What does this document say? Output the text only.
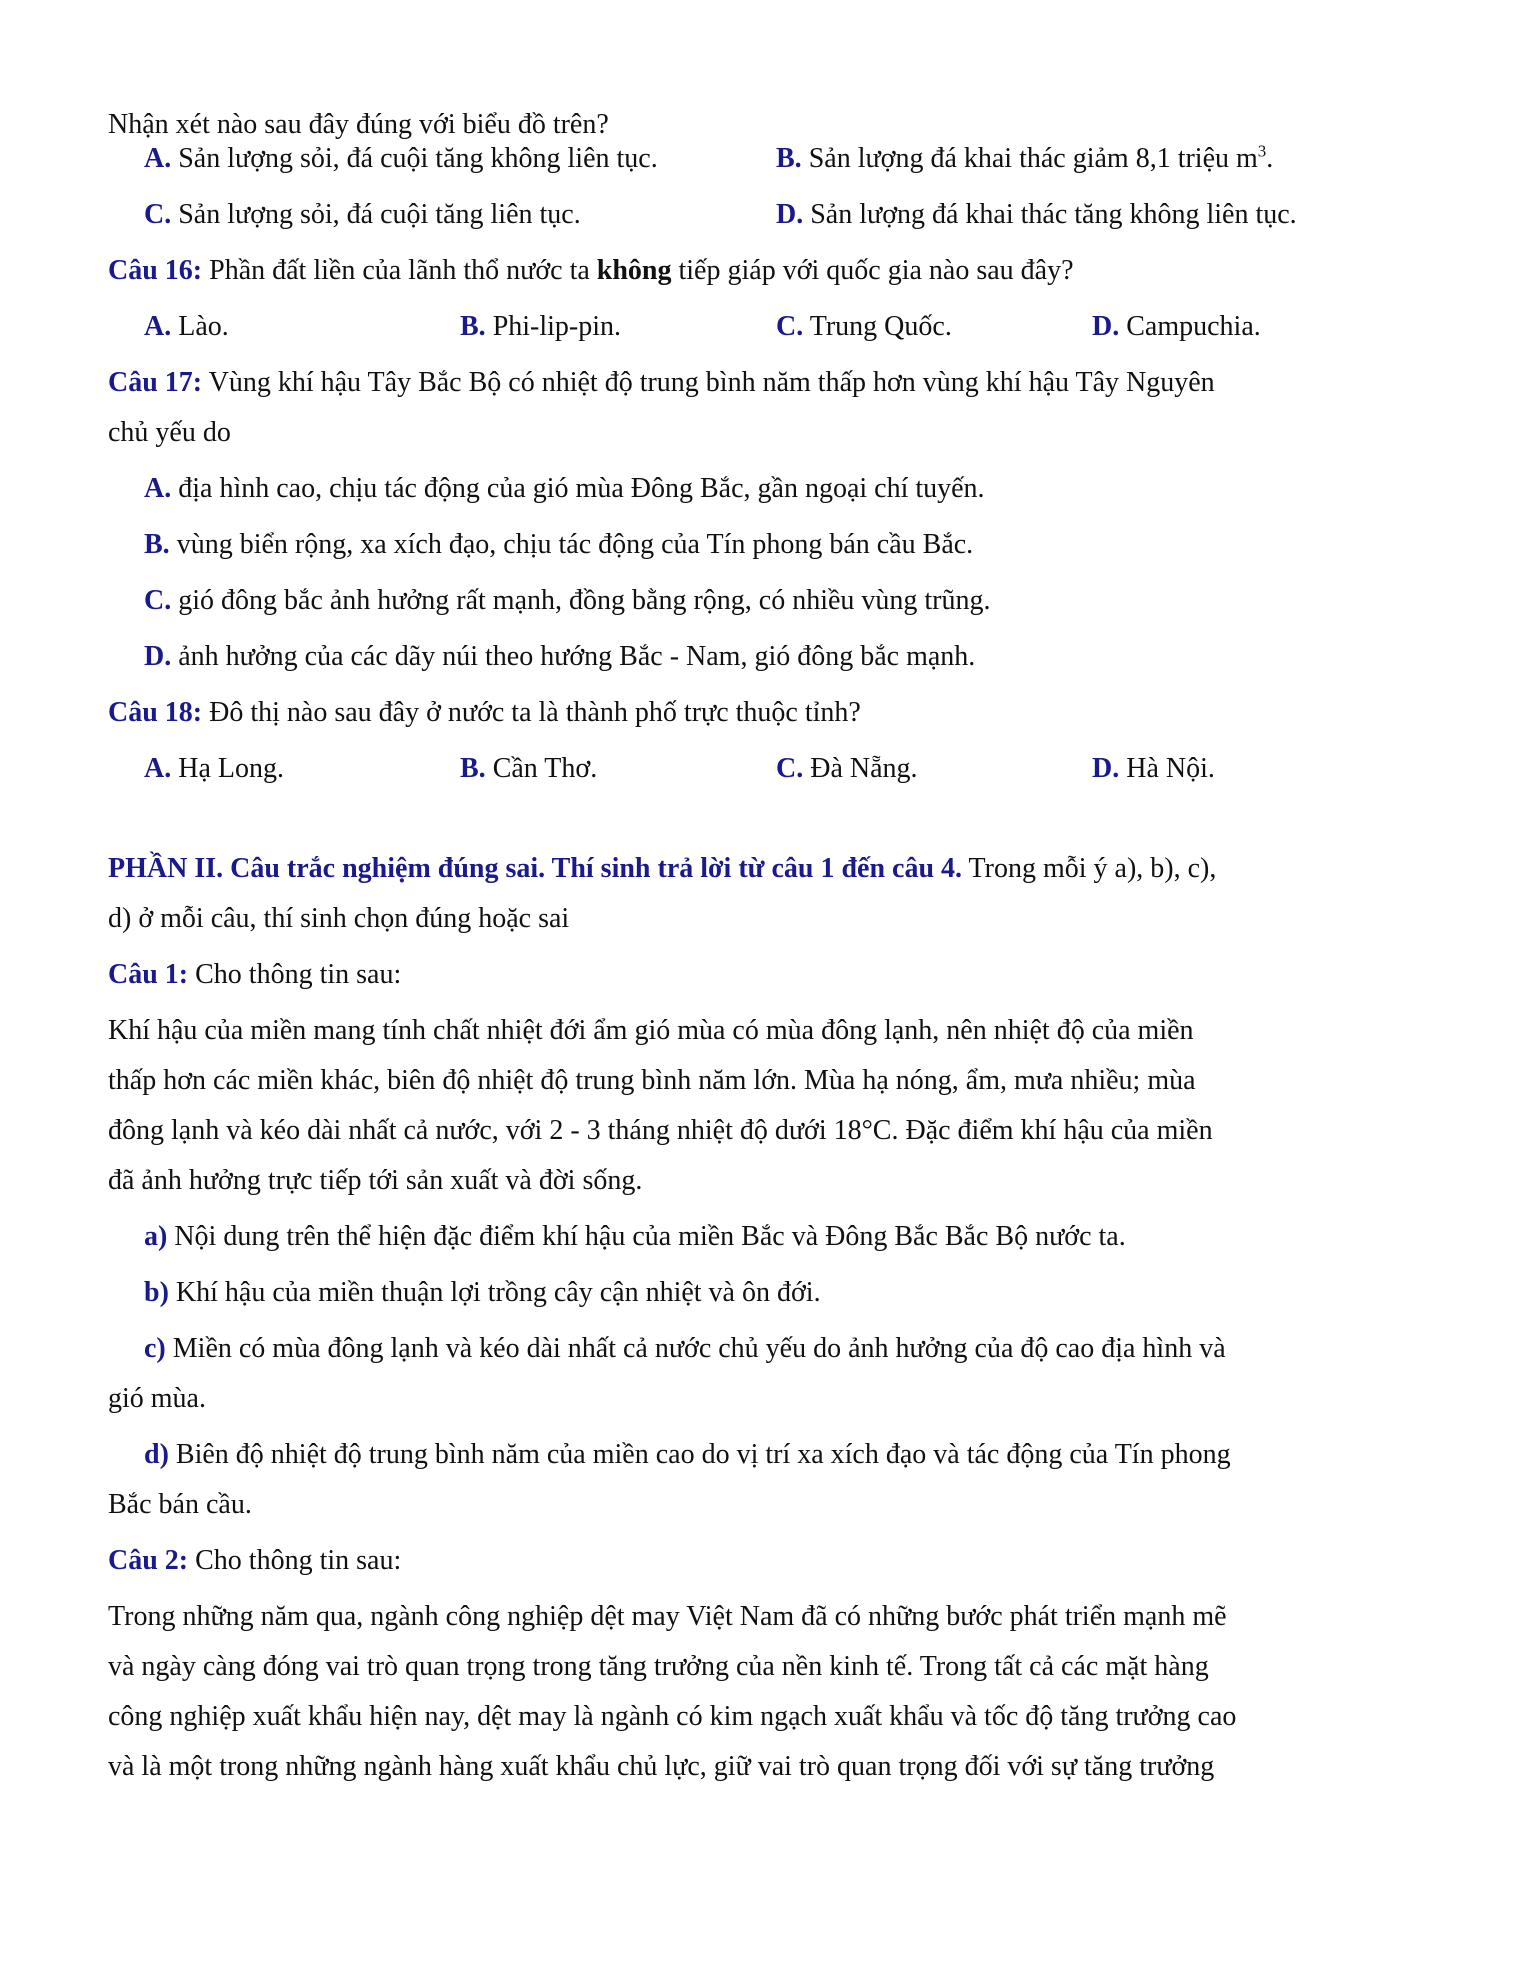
Nhận xét nào sau đây đúng với biểu đồ trên?
A. Sản lượng sỏi, đá cuội tăng không liên tục.	B. Sản lượng đá khai thác giảm 8,1 triệu $m^3$.
C. Sản lượng sỏi, đá cuội tăng liên tục.	D. Sản lượng đá khai thác tăng không liên tục.
Câu 16: Phần đất liền của lãnh thổ nước ta không tiếp giáp với quốc gia nào sau đây?
A. Lào.	B. Phi-lip-pin.	C. Trung Quốc.	D. Campuchia.
Câu 17: Vùng khí hậu Tây Bắc Bộ có nhiệt độ trung bình năm thấp hơn vùng khí hậu Tây Nguyên
chủ yếu do
A. địa hình cao, chịu tác động của gió mùa Đông Bắc, gần ngoại chí tuyến.
B. vùng biển rộng, xa xích đạo, chịu tác động của Tín phong bán cầu Bắc.
C. gió đông bắc ảnh hưởng rất mạnh, đồng bằng rộng, có nhiều vùng trũng.
D. ảnh hưởng của các dãy núi theo hướng Bắc - Nam, gió đông bắc mạnh.
Câu 18: Đô thị nào sau đây ở nước ta là thành phố trực thuộc tỉnh?
A. Hạ Long.	B. Cần Thơ.	C. Đà Nẵng.	D. Hà Nội.
PHẦN II. Câu trắc nghiệm đúng sai. Thí sinh trả lời từ câu 1 đến câu 4. Trong mỗi ý a), b), c),
d) ở mỗi câu, thí sinh chọn đúng hoặc sai
Câu 1: Cho thông tin sau:
Khí hậu của miền mang tính chất nhiệt đới ẩm gió mùa có mùa đông lạnh, nên nhiệt độ của miền
thấp hơn các miền khác, biên độ nhiệt độ trung bình năm lớn. Mùa hạ nóng, ẩm, mưa nhiều; mùa
đông lạnh và kéo dài nhất cả nước, với 2 - 3 tháng nhiệt độ dưới 18°C. Đặc điểm khí hậu của miền
đã ảnh hưởng trực tiếp tới sản xuất và đời sống.
a) Nội dung trên thể hiện đặc điểm khí hậu của miền Bắc và Đông Bắc Bắc Bộ nước ta.
b) Khí hậu của miền thuận lợi trồng cây cận nhiệt và ôn đới.
c) Miền có mùa đông lạnh và kéo dài nhất cả nước chủ yếu do ảnh hưởng của độ cao địa hình và
gió mùa.
d) Biên độ nhiệt độ trung bình năm của miền cao do vị trí xa xích đạo và tác động của Tín phong
Bắc bán cầu.
Câu 2: Cho thông tin sau:
Trong những năm qua, ngành công nghiệp dệt may Việt Nam đã có những bước phát triển mạnh mẽ
và ngày càng đóng vai trò quan trọng trong tăng trưởng của nền kinh tế. Trong tất cả các mặt hàng
công nghiệp xuất khẩu hiện nay, dệt may là ngành có kim ngạch xuất khẩu và tốc độ tăng trưởng cao
và là một trong những ngành hàng xuất khẩu chủ lực, giữ vai trò quan trọng đối với sự tăng trưởng
